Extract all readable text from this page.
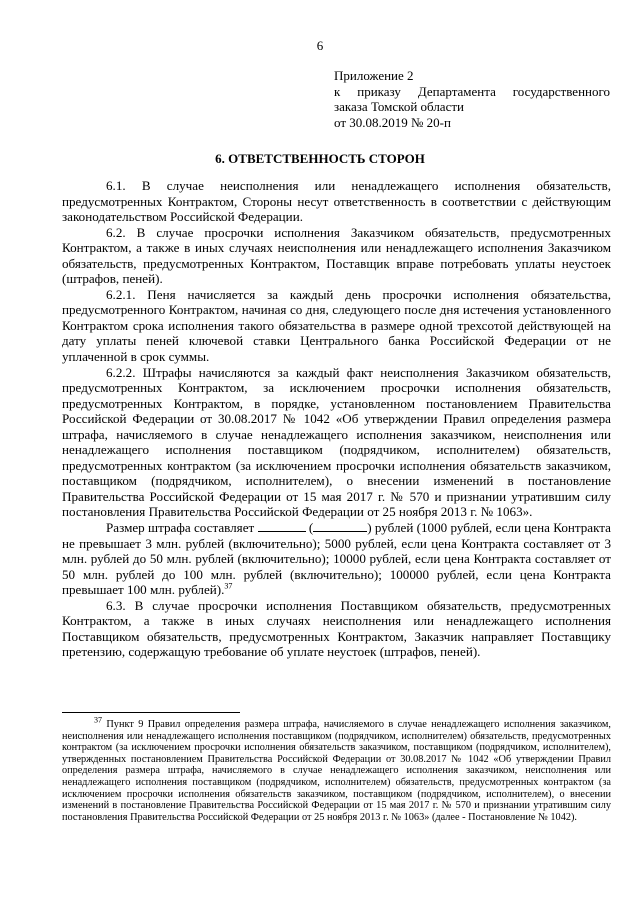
6
Приложение 2
к приказу Департамента государственного
заказа Томской области
от 30.08.2019 № 20-п
6. ОТВЕТСТВЕННОСТЬ СТОРОН

6.1. В случае неисполнения или ненадлежащего исполнения обязательств, предусмотренных Контрактом, Стороны несут ответственность в соответствии с действующим законодательством Российской Федерации.

6.2. В случае просрочки исполнения Заказчиком обязательств, предусмотренных Контрактом, а также в иных случаях неисполнения или ненадлежащего исполнения Заказчиком обязательств, предусмотренных Контрактом, Поставщик вправе потребовать уплаты неустоек (штрафов, пеней).

6.2.1. Пеня начисляется за каждый день просрочки исполнения обязательства, предусмотренного Контрактом, начиная со дня, следующего после дня истечения установленного Контрактом срока исполнения такого обязательства в размере одной трехсотой действующей на дату уплаты пеней ключевой ставки Центрального банка Российской Федерации от не уплаченной в срок суммы.

6.2.2. Штрафы начисляются за каждый факт неисполнения Заказчиком обязательств, предусмотренных Контрактом, за исключением просрочки исполнения обязательств, предусмотренных Контрактом, в порядке, установленном постановлением Правительства Российской Федерации от 30.08.2017 № 1042 «Об утверждении Правил определения размера штрафа, начисляемого в случае ненадлежащего исполнения заказчиком, неисполнения или ненадлежащего исполнения поставщиком (подрядчиком, исполнителем) обязательств, предусмотренных контрактом (за исключением просрочки исполнения обязательств заказчиком, поставщиком (подрядчиком, исполнителем), о внесении изменений в постановление Правительства Российской Федерации от 15 мая 2017 г. № 570 и признании утратившим силу постановления Правительства Российской Федерации от 25 ноября 2013 г. № 1063».

Размер штрафа составляет	(	) рублей (1000 рублей, если цена Контракта не превышает 3 млн. рублей (включительно); 5000 рублей, если цена Контракта составляет от 3 млн. рублей до 50 млн. рублей (включительно); 10000 рублей, если цена Контракта составляет от 50 млн. рублей до 100 млн. рублей (включительно); 100000 рублей, если цена Контракта превышает 100 млн. рублей).$^{37}$

6.3. В случае просрочки исполнения Поставщиком обязательств, предусмотренных Контрактом, а также в иных случаях неисполнения или ненадлежащего исполнения Поставщиком обязательств, предусмотренных Контрактом, Заказчик направляет Поставщику претензию, содержащую требование об уплате неустоек (штрафов, пеней).

$^{37}$ Пункт 9 Правил определения размера штрафа, начисляемого в случае ненадлежащего исполнения заказчиком, неисполнения или ненадлежащего исполнения поставщиком (подрядчиком, исполнителем) обязательств, предусмотренных контрактом (за исключением просрочки исполнения обязательств заказчиком, поставщиком (подрядчиком, исполнителем), утвержденных постановлением Правительства Российской Федерации от 30.08.2017 № 1042 «Об утверждении Правил определения размера штрафа, начисляемого в случае ненадлежащего исполнения заказчиком, неисполнения или ненадлежащего исполнения поставщиком (подрядчиком, исполнителем) обязательств, предусмотренных контрактом (за исключением просрочки исполнения обязательств заказчиком, поставщиком (подрядчиком, исполнителем), о внесении изменений в постановление Правительства Российской Федерации от 15 мая 2017 г. № 570 и признании утратившим силу постановления Правительства Российской Федерации от 25 ноября 2013 г. № 1063» (далее - Постановление № 1042).
